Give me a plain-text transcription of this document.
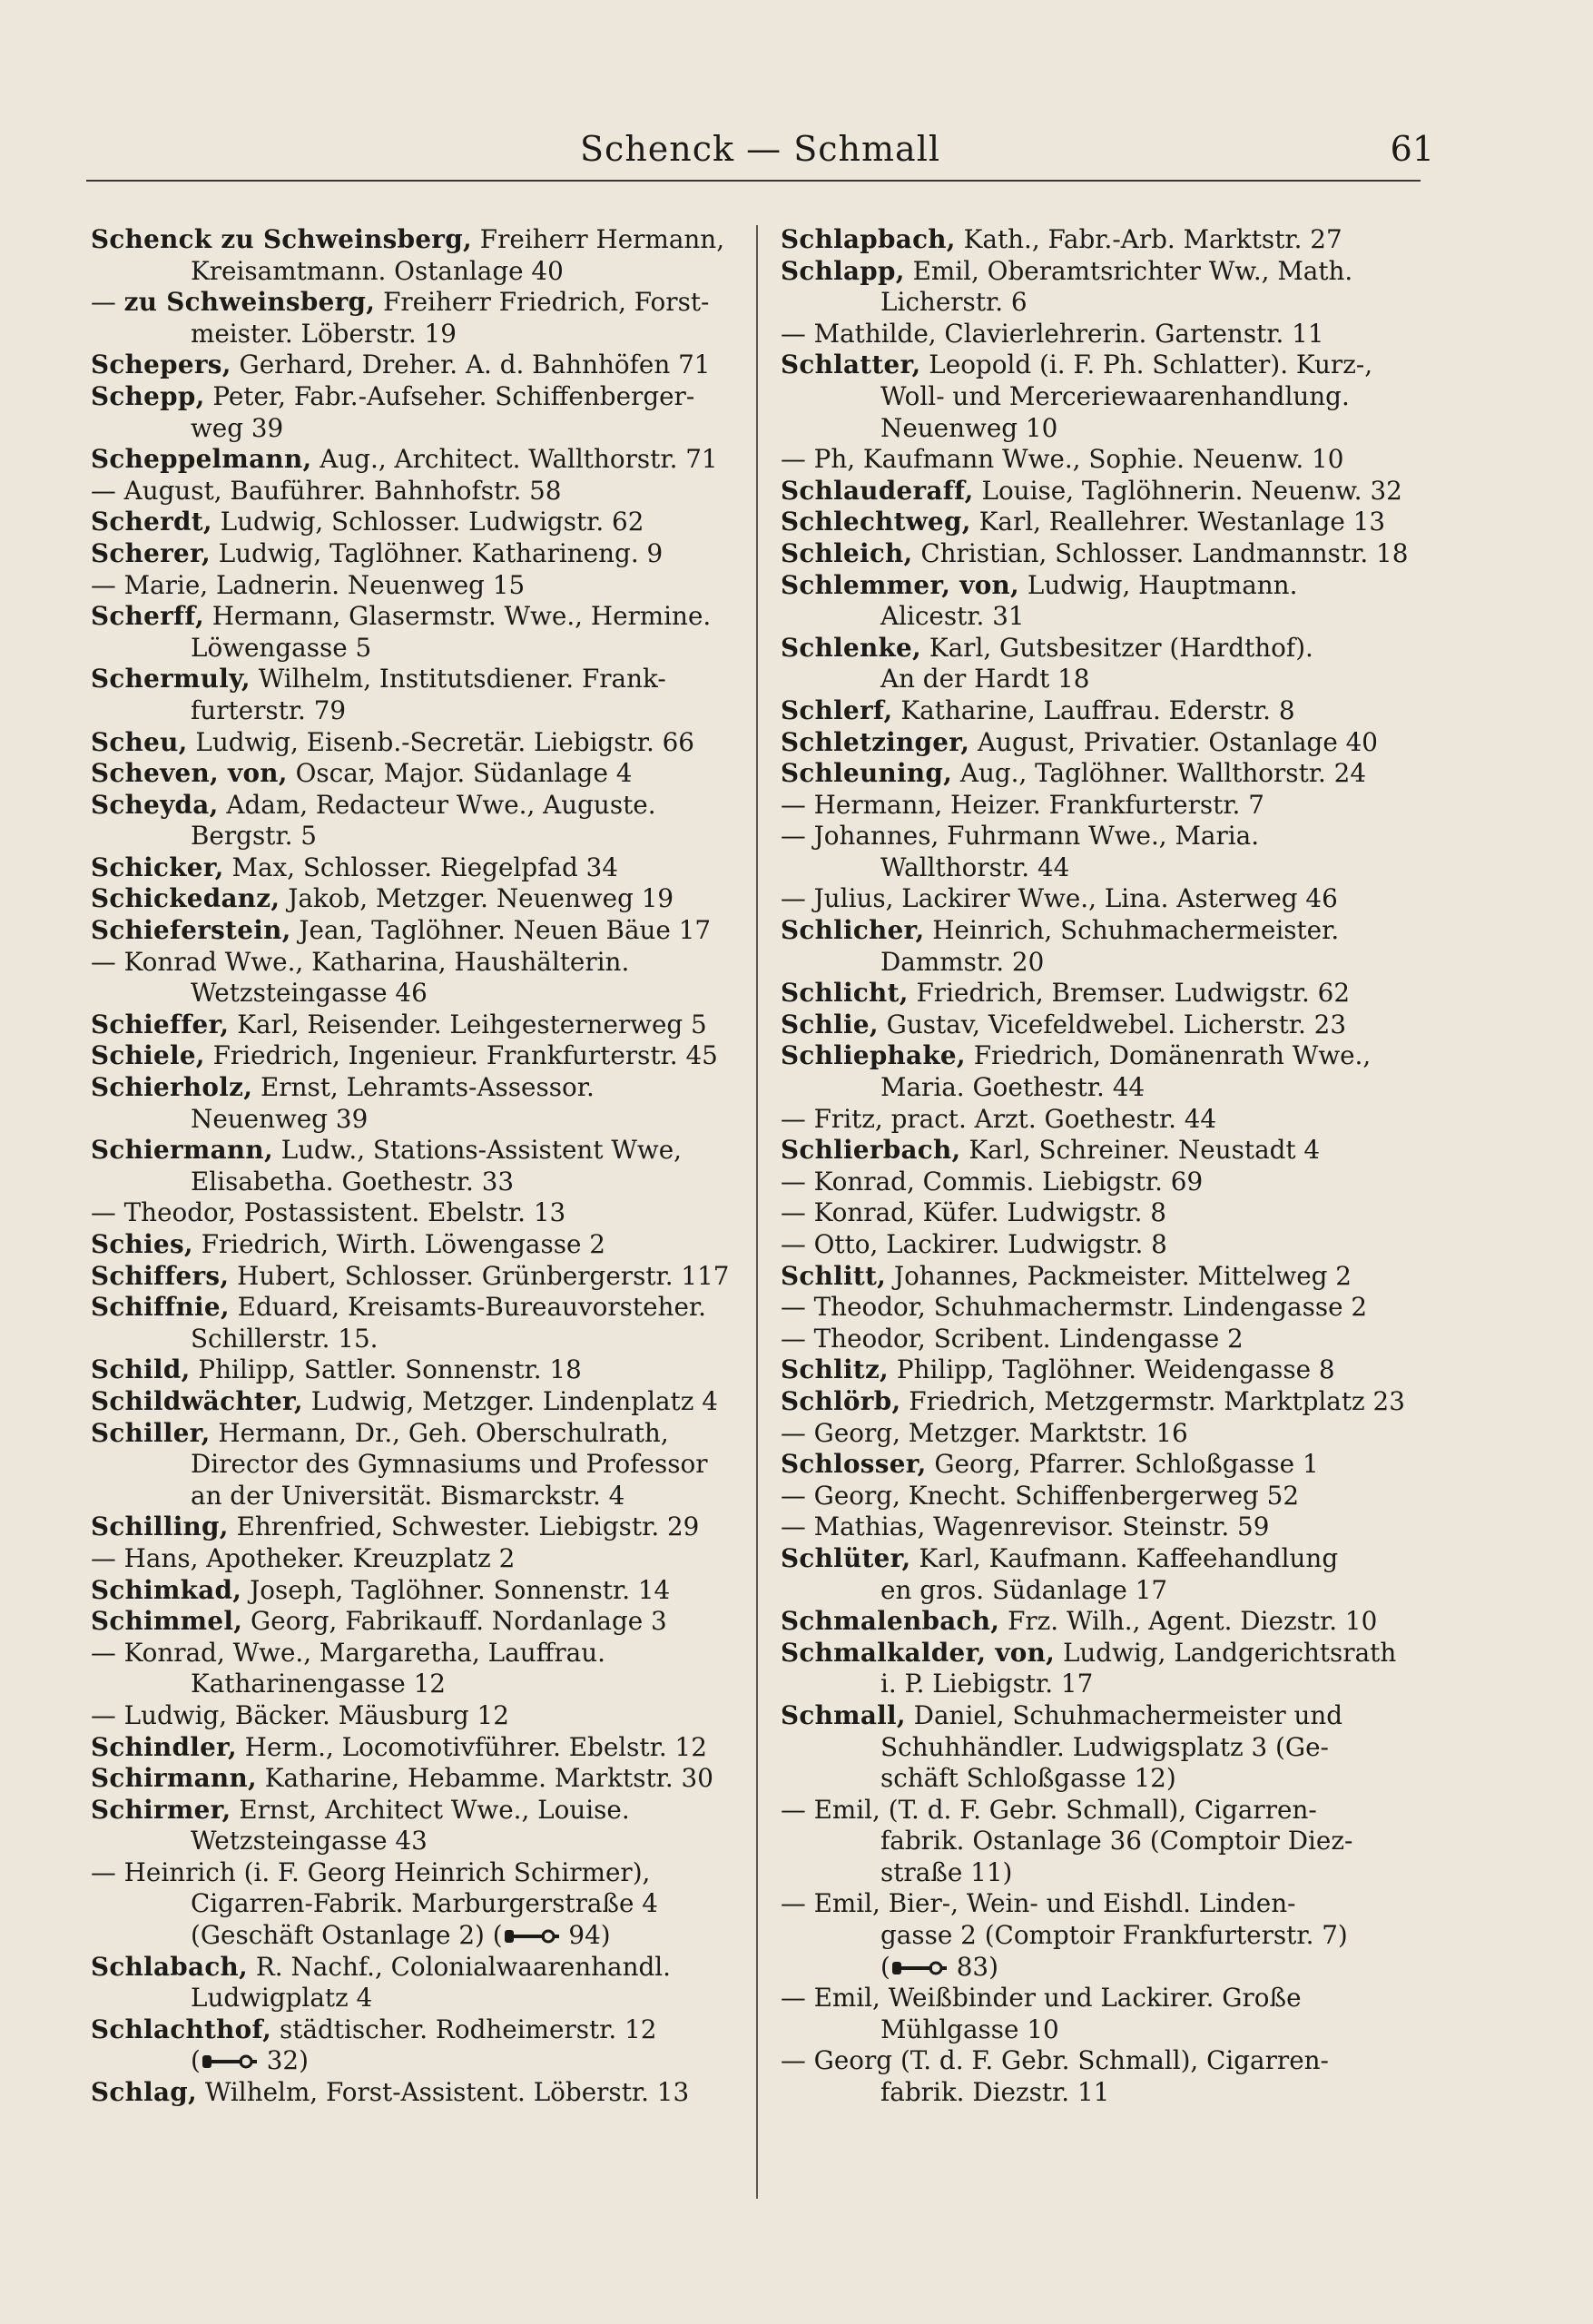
Schenck — Schmall	61
Schenck zu Schweinsberg, Freiherr Hermann,
Kreisamtmann. Ostanlage 40
— zu Schweinsberg, Freiherr Friedrich, Forst-
meister. Löberstr. 19
Schepers, Gerhard, Dreher. A. d. Bahnhöfen 71
Schepp, Peter, Fabr.-Aufseher. Schiffenberger-
weg 39
Scheppelmann, Aug., Architect. Wallthorstr. 71
— August, Bauführer. Bahnhofstr. 58
Scherdt, Ludwig, Schlosser. Ludwigstr. 62
Scherer, Ludwig, Taglöhner. Katharineng. 9
— Marie, Ladnerin. Neuenweg 15
Scherff, Hermann, Glasermstr. Wwe., Hermine.
Löwengasse 5
Schermuly, Wilhelm, Institutsdiener. Frank-
furterstr. 79
Scheu, Ludwig, Eisenb.-Secretär. Liebigstr. 66
Scheven, von, Oscar, Major. Südanlage 4
Scheyda, Adam, Redacteur Wwe., Auguste.
Bergstr. 5
Schicker, Max, Schlosser. Riegelpfad 34
Schickedanz, Jakob, Metzger. Neuenweg 19
Schieferstein, Jean, Taglöhner. Neuen Bäue 17
— Konrad Wwe., Katharina, Haushälterin.
Wetzsteingasse 46
Schieffer, Karl, Reisender. Leihgesternerweg 5
Schiele, Friedrich, Ingenieur. Frankfurterstr. 45
Schierholz, Ernst, Lehramts-Assessor.
Neuenweg 39
Schiermann, Ludw., Stations-Assistent Wwe,
Elisabetha. Goethestr. 33
— Theodor, Postassistent. Ebelstr. 13
Schies, Friedrich, Wirth. Löwengasse 2
Schiffers, Hubert, Schlosser. Grünbergerstr. 117
Schiffnie, Eduard, Kreisamts-Bureauvorsteher.
Schillerstr. 15.
Schild, Philipp, Sattler. Sonnenstr. 18
Schildwächter, Ludwig, Metzger. Lindenplatz 4
Schiller, Hermann, Dr., Geh. Oberschulrath,
Director des Gymnasiums und Professor
an der Universität. Bismarckstr. 4
Schilling, Ehrenfried, Schwester. Liebigstr. 29
— Hans, Apotheker. Kreuzplatz 2
Schimkad, Joseph, Taglöhner. Sonnenstr. 14
Schimmel, Georg, Fabrikauff. Nordanlage 3
— Konrad, Wwe., Margaretha, Lauffrau.
Katharinengasse 12
— Ludwig, Bäcker. Mäusburg 12
Schindler, Herm., Locomotivführer. Ebelstr. 12
Schirmann, Katharine, Hebamme. Marktstr. 30
Schirmer, Ernst, Architect Wwe., Louise.
Wetzsteingasse 43
— Heinrich (i. F. Georg Heinrich Schirmer),
Cigarren-Fabrik. Marburgerstraße 4
(Geschäft Ostanlage 2) ( 94)
Schlabach, R. Nachf., Colonialwaarenhandl.
Ludwigplatz 4
Schlachthof, städtischer. Rodheimerstr. 12
( 32)
Schlag, Wilhelm, Forst-Assistent. Löberstr. 13
Schlapbach, Kath., Fabr.-Arb. Marktstr. 27
Schlapp, Emil, Oberamtsrichter Ww., Math.
Licherstr. 6
— Mathilde, Clavierlehrerin. Gartenstr. 11
Schlatter, Leopold (i. F. Ph. Schlatter). Kurz-,
Woll- und Merceriewaarenhandlung.
Neuenweg 10
— Ph, Kaufmann Wwe., Sophie. Neuenw. 10
Schlauderaff, Louise, Taglöhnerin. Neuenw. 32
Schlechtweg, Karl, Reallehrer. Westanlage 13
Schleich, Christian, Schlosser. Landmannstr. 18
Schlemmer, von, Ludwig, Hauptmann.
Alicestr. 31
Schlenke, Karl, Gutsbesitzer (Hardthof).
An der Hardt 18
Schlerf, Katharine, Lauffrau. Ederstr. 8
Schletzinger, August, Privatier. Ostanlage 40
Schleuning, Aug., Taglöhner. Wallthorstr. 24
— Hermann, Heizer. Frankfurterstr. 7
— Johannes, Fuhrmann Wwe., Maria.
Wallthorstr. 44
— Julius, Lackirer Wwe., Lina. Asterweg 46
Schlicher, Heinrich, Schuhmachermeister.
Dammstr. 20
Schlicht, Friedrich, Bremser. Ludwigstr. 62
Schlie, Gustav, Vicefeldwebel. Licherstr. 23
Schliephake, Friedrich, Domänenrath Wwe.,
Maria. Goethestr. 44
— Fritz, pract. Arzt. Goethestr. 44
Schlierbach, Karl, Schreiner. Neustadt 4
— Konrad, Commis. Liebigstr. 69
— Konrad, Küfer. Ludwigstr. 8
— Otto, Lackirer. Ludwigstr. 8
Schlitt, Johannes, Packmeister. Mittelweg 2
— Theodor, Schuhmachermstr. Lindengasse 2
— Theodor, Scribent. Lindengasse 2
Schlitz, Philipp, Taglöhner. Weidengasse 8
Schlörb, Friedrich, Metzgermstr. Marktplatz 23
— Georg, Metzger. Marktstr. 16
Schlosser, Georg, Pfarrer. Schloßgasse 1
— Georg, Knecht. Schiffenbergerweg 52
— Mathias, Wagenrevisor. Steinstr. 59
Schlüter, Karl, Kaufmann. Kaffeehandlung
en gros. Südanlage 17
Schmalenbach, Frz. Wilh., Agent. Diezstr. 10
Schmalkalder, von, Ludwig, Landgerichtsrath
i. P. Liebigstr. 17
Schmall, Daniel, Schuhmachermeister und
Schuhhändler. Ludwigsplatz 3 (Ge-
schäft Schloßgasse 12)
— Emil, (T. d. F. Gebr. Schmall), Cigarren-
fabrik. Ostanlage 36 (Comptoir Diez-
straße 11)
— Emil, Bier-, Wein- und Eishdl. Linden-
gasse 2 (Comptoir Frankfurterstr. 7)
( 83)
— Emil, Weißbinder und Lackirer. Große
Mühlgasse 10
— Georg (T. d. F. Gebr. Schmall), Cigarren-
fabrik. Diezstr. 11
